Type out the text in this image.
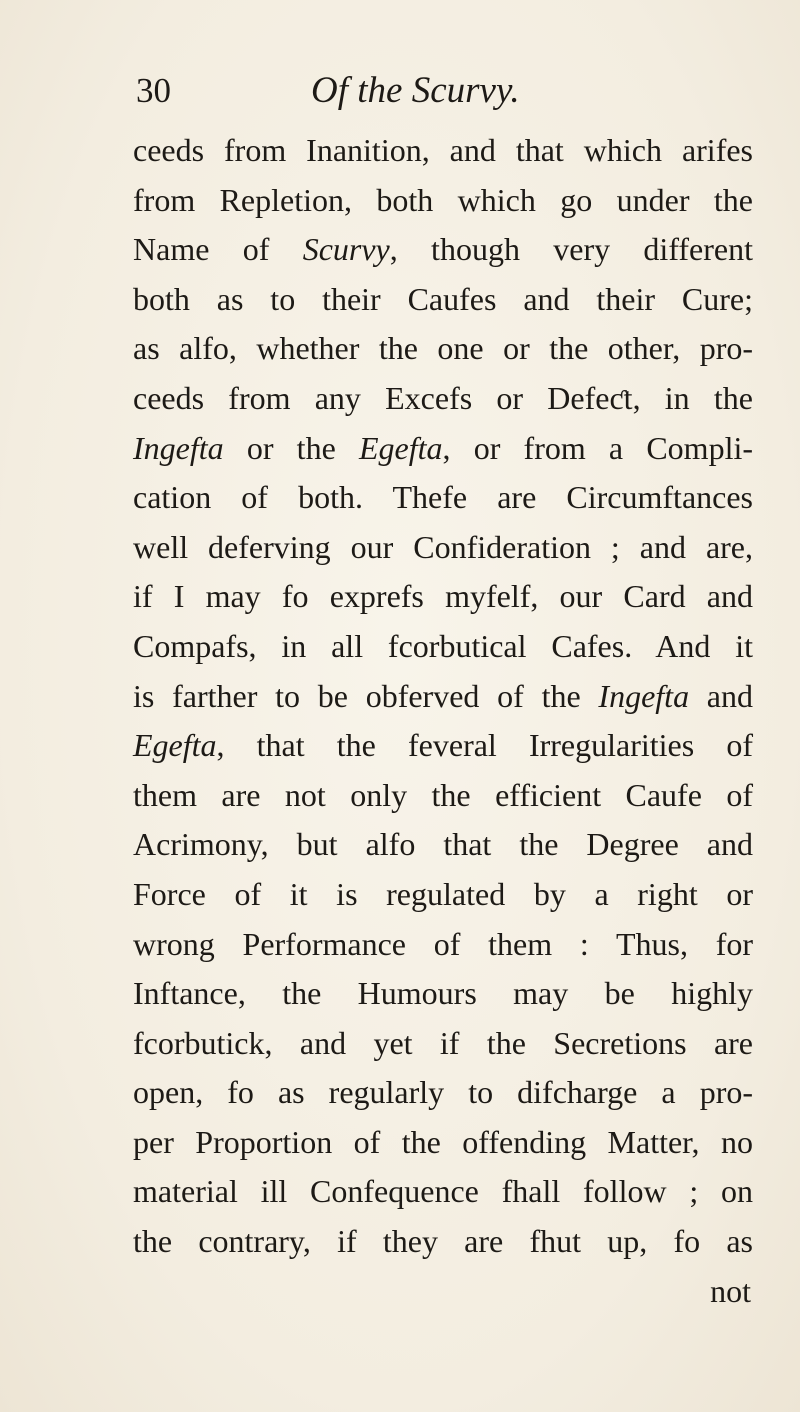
30	Of the Scurvy.
ceeds from Inanition, and that which arifes
from Repletion, both which go under the
Name of Scurvy, though very different
both as to their Caufes and their Cure;
as alfo, whether the one or the other, pro-
ceeds from any Excefs or Defeƈt, in the
Ingefta or the Egefta, or from a Compli-
cation of both. Thefe are Circumftances
well deferving our Confideration ; and are,
if I may fo exprefs myfelf, our Card and
Compafs, in all fcorbutical Cafes. And it
is farther to be obferved of the Ingefta and
Egefta, that the feveral Irregularities of
them are not only the efficient Caufe of
Acrimony, but alfo that the Degree and
Force of it is regulated by a right or
wrong Performance of them : Thus, for
Inftance, the Humours may be highly
fcorbutick, and yet if the Secretions are
open, fo as regularly to difcharge a pro-
per Proportion of the offending Matter, no
material ill Confequence fhall follow ; on
the contrary, if they are fhut up, fo as
not
